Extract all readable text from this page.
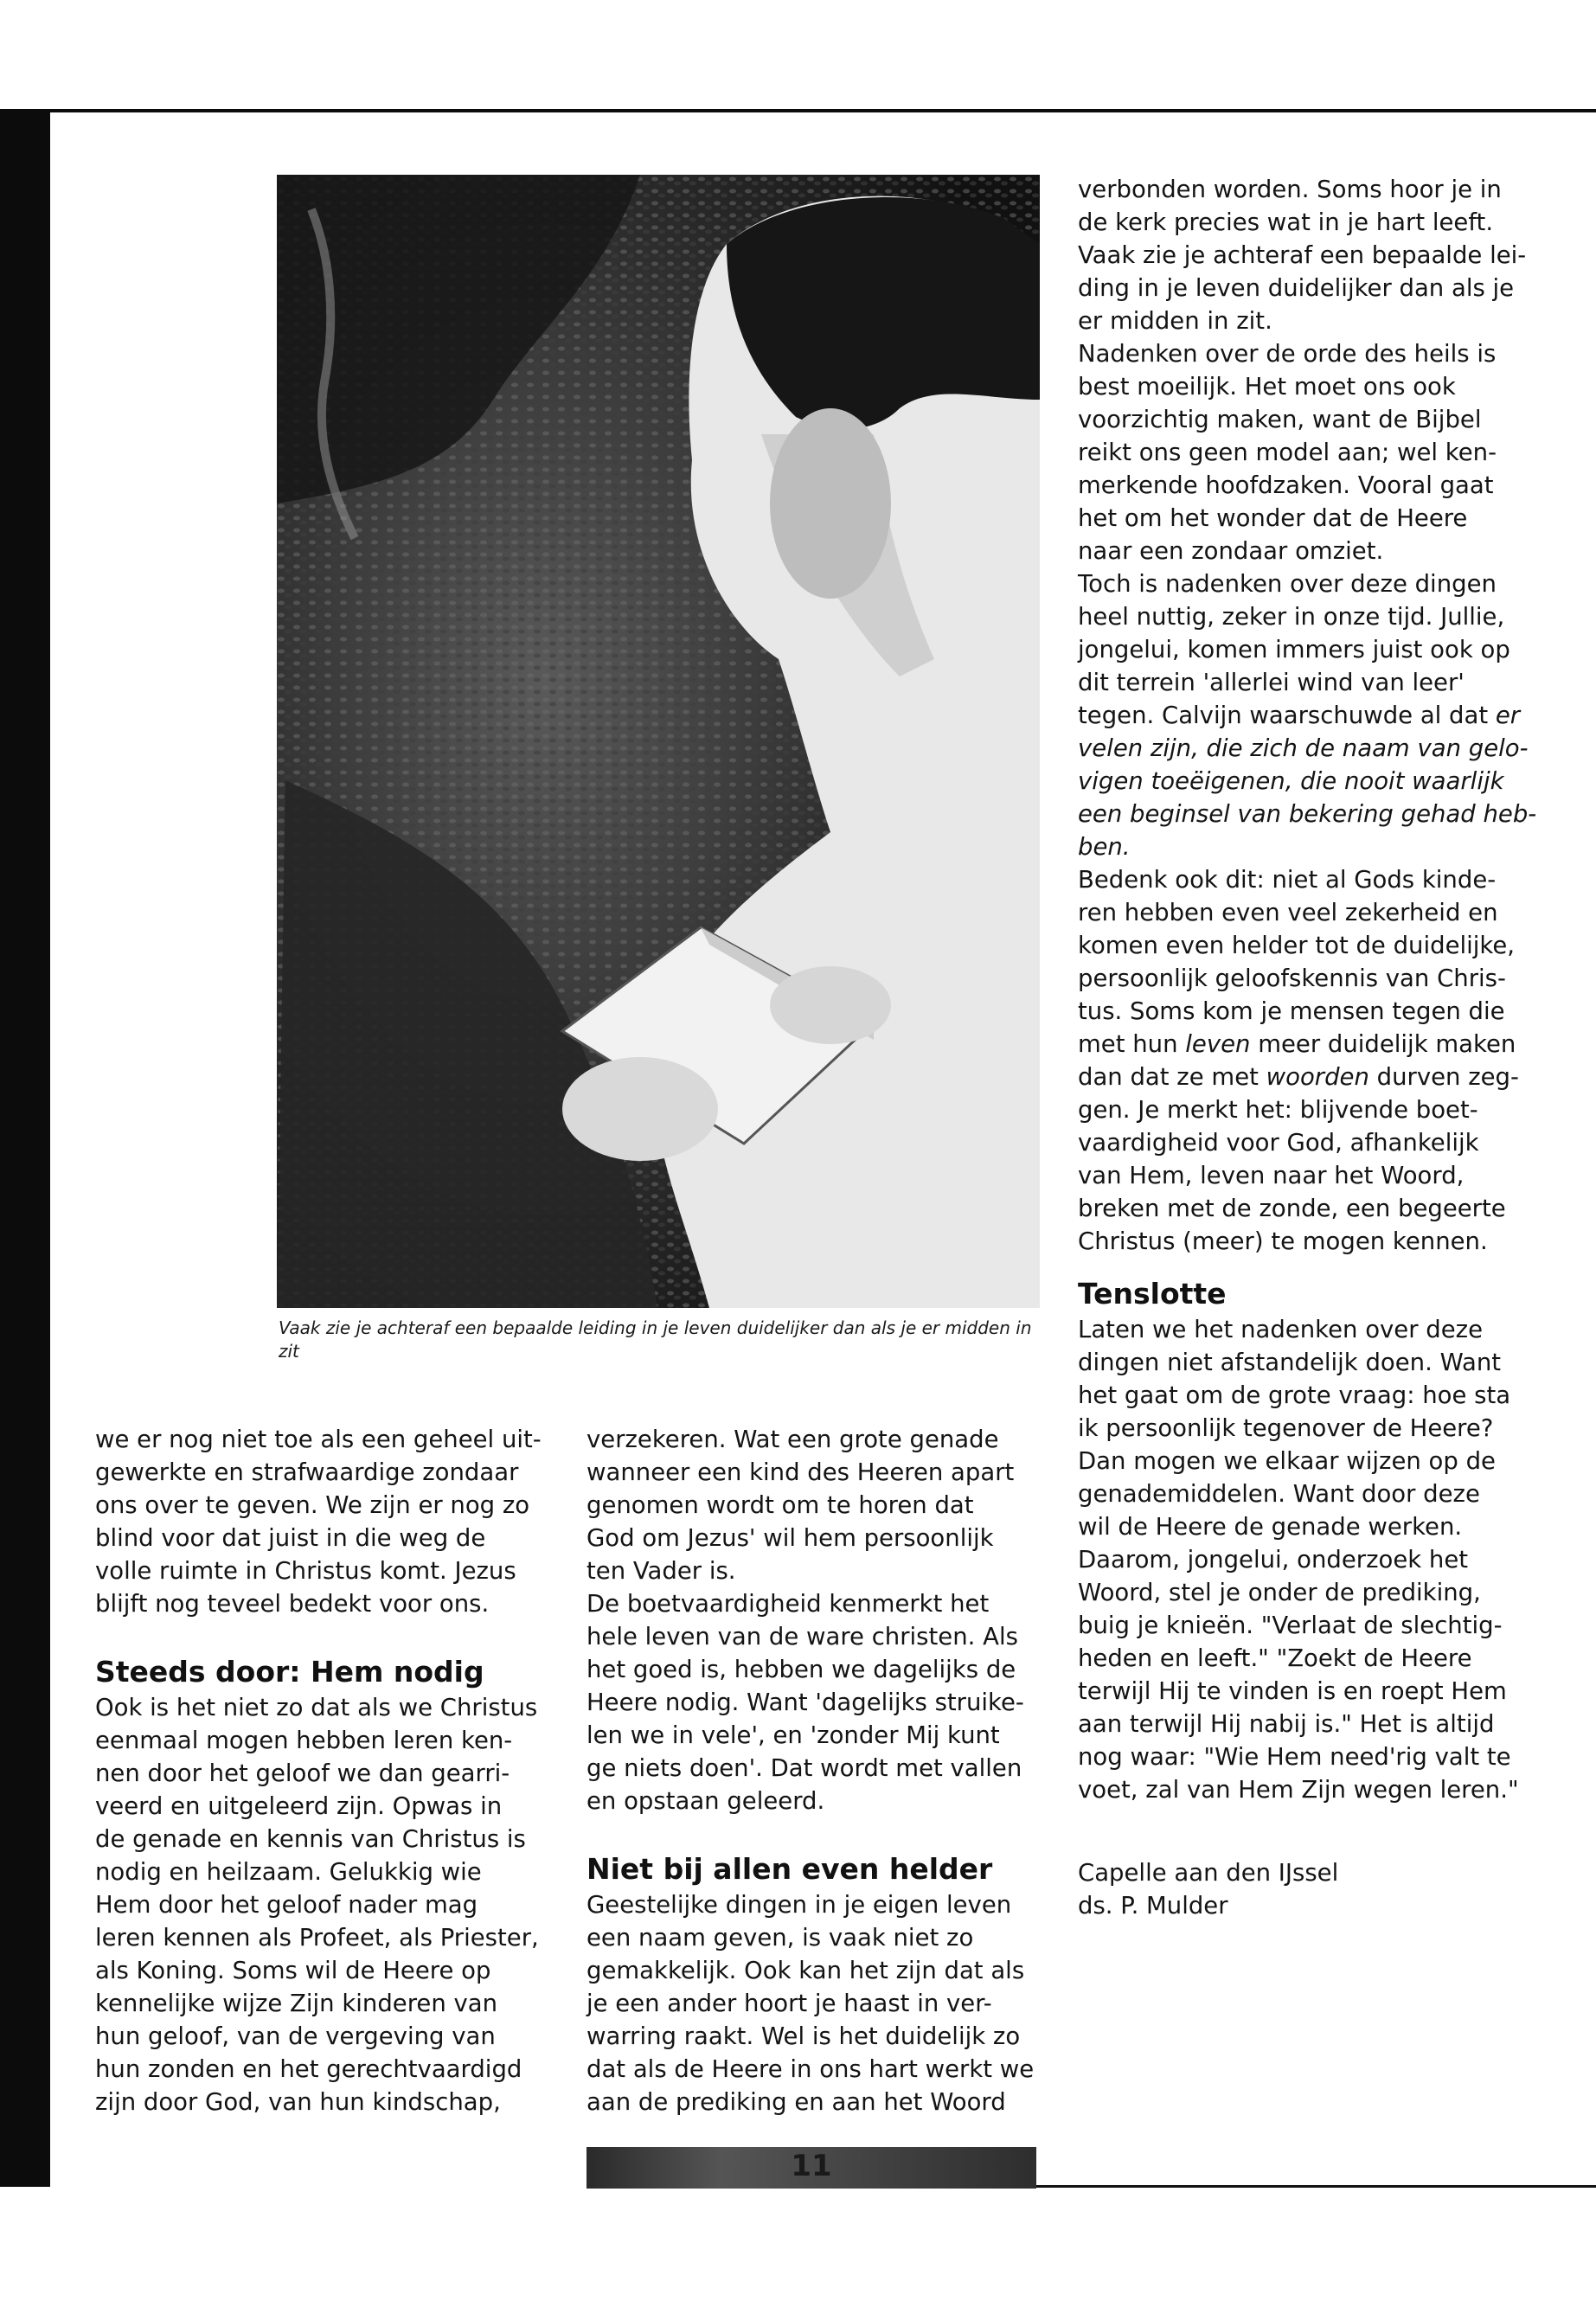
Vaak zie je achteraf een bepaalde leiding in je leven duidelijker dan als je er midden in zit

we er nog niet toe als een geheel uit-
gewerkte en strafwaardige zondaar
ons over te geven. We zijn er nog zo
blind voor dat juist in die weg de
volle ruimte in Christus komt. Jezus
blijft nog teveel bedekt voor ons.

Steeds door: Hem nodig

Ook is het niet zo dat als we Christus
eenmaal mogen hebben leren ken-
nen door het geloof we dan gearri-
veerd en uitgeleerd zijn. Opwas in
de genade en kennis van Christus is
nodig en heilzaam. Gelukkig wie
Hem door het geloof nader mag
leren kennen als Profeet, als Priester,
als Koning. Soms wil de Heere op
kennelijke wijze Zijn kinderen van
hun geloof, van de vergeving van
hun zonden en het gerechtvaardigd
zijn door God, van hun kindschap,

verzekeren. Wat een grote genade
wanneer een kind des Heeren apart
genomen wordt om te horen dat
God om Jezus' wil hem persoonlijk
ten Vader is.

De boetvaardigheid kenmerkt het
hele leven van de ware christen. Als
het goed is, hebben we dagelijks de
Heere nodig. Want 'dagelijks struike-
len we in vele', en 'zonder Mij kunt
ge niets doen'. Dat wordt met vallen
en opstaan geleerd.

Niet bij allen even helder

Geestelijke dingen in je eigen leven
een naam geven, is vaak niet zo
gemakkelijk. Ook kan het zijn dat als
je een ander hoort je haast in ver-
warring raakt. Wel is het duidelijk zo
dat als de Heere in ons hart werkt we
aan de prediking en aan het Woord

verbonden worden. Soms hoor je in
de kerk precies wat in je hart leeft.
Vaak zie je achteraf een bepaalde lei-
ding in je leven duidelijker dan als je
er midden in zit.

Nadenken over de orde des heils is
best moeilijk. Het moet ons ook
voorzichtig maken, want de Bijbel
reikt ons geen model aan; wel ken-
merkende hoofdzaken. Vooral gaat
het om het wonder dat de Heere
naar een zondaar omziet.

Toch is nadenken over deze dingen
heel nuttig, zeker in onze tijd. Jullie,
jongelui, komen immers juist ook op
dit terrein 'allerlei wind van leer'
tegen. Calvijn waarschuwde al dat er
velen zijn, die zich de naam van gelo-
vigen toeëigenen, die nooit waarlijk
een beginsel van bekering gehad heb-
ben.

Bedenk ook dit: niet al Gods kinde-
ren hebben even veel zekerheid en
komen even helder tot de duidelijke,
persoonlijk geloofskennis van Chris-
tus. Soms kom je mensen tegen die
met hun leven meer duidelijk maken
dan dat ze met woorden durven zeg-
gen. Je merkt het: blijvende boet-
vaardigheid voor God, afhankelijk
van Hem, leven naar het Woord,
breken met de zonde, een begeerte
Christus (meer) te mogen kennen.

Tenslotte

Laten we het nadenken over deze
dingen niet afstandelijk doen. Want
het gaat om de grote vraag: hoe sta
ik persoonlijk tegenover de Heere?
Dan mogen we elkaar wijzen op de
genademiddelen. Want door deze
wil de Heere de genade werken.
Daarom, jongelui, onderzoek het
Woord, stel je onder de prediking,
buig je knieën. "Verlaat de slechtig-
heden en leeft." "Zoekt de Heere
terwijl Hij te vinden is en roept Hem
aan terwijl Hij nabij is." Het is altijd
nog waar: "Wie Hem need'rig valt te
voet, zal van Hem Zijn wegen leren."

Capelle aan den IJssel

ds. P. Mulder

11
